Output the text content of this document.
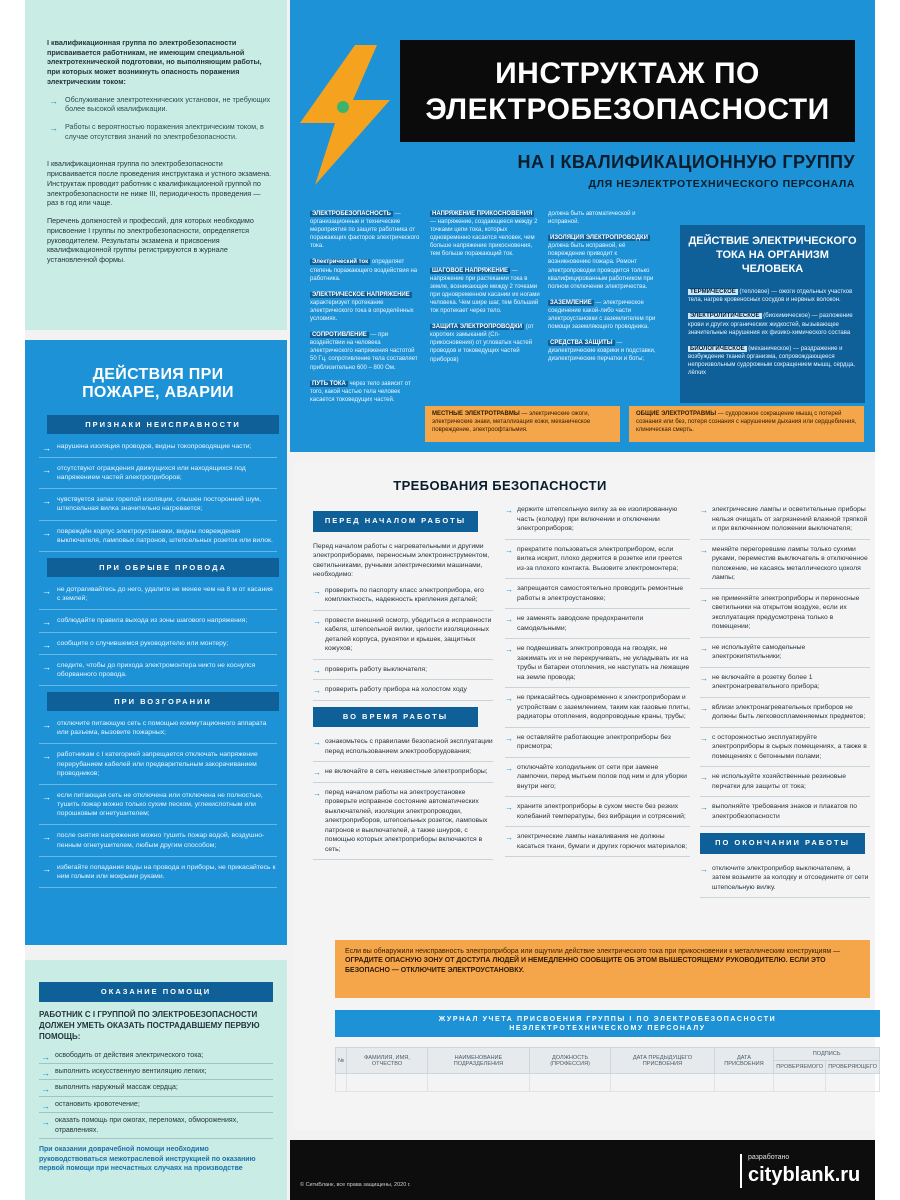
I квалификационная группа по электробезопасности присваивается работникам, не имеющим специальной электротехнической подготовки, но выполняющим работы, при которых может возникнуть опасность поражения электрическим током:
→ Обслуживание электротехнических установок, не требующих более высокой квалификации.
→ Работы с вероятностью поражения электрическим током, в случае отсутствия знаний по электробезопасности.

I квалификационная группа по электробезопасности присваивается после проведения инструктажа и устного экзамена. Инструктаж проводит работник с квалификационной группой по электробезопасности не ниже III, периодичность проведения — раз в год или чаще.

Перечень должностей и профессий, для которых необходимо присвоение I группы по электробезопасности, определяется руководителем. Результаты экзамена и присвоения квалификационной группы регистрируются в журнале установленной формы.

ДЕЙСТВИЯ ПРИ
ПОЖАРЕ, АВАРИИ
ПРИЗНАКИ НЕИСПРАВНОСТИ
→ нарушена изоляция проводов, видны токопроводящие части;
→ отсутствуют ограждения движущихся или находящихся под напряжением частей электроприборов;
→ чувствуется запах горелой изоляции, слышен посторонний шум, штепсельная вилка значительно нагревается;
→ повреждён корпус электроустановки, видны повреждения выключателя, ламповых патронов, штепсельных розеток или вилок.
ПРИ ОБРЫВЕ ПРОВОДА
→ не дотрагивайтесь до него, удалите не менее чем на 8 м от касания с землей;
→ соблюдайте правила выхода из зоны шагового напряжения;
→ сообщите о случившемся руководителю или монтеру;
→ следите, чтобы до прихода электромонтера никто не коснулся оборванного провода.
ПРИ ВОЗГОРАНИИ
→ отключите питающую сеть с помощью коммутационного аппарата или разъема, вызовите пожарных;
→ работникам с I категорией запрещается отключать напряжение перерубанием кабелей или предварительным закорачиванием проводников;
→ если питающая сеть не отключена или отключена не полностью, тушить пожар можно только сухим песком, углекислотным или порошковым огнетушителем;
→ после снятия напряжения можно тушить пожар водой, воздушно-пенным огнетушителем, любым другим способом;
→ избегайте попадания воды на провода и приборы, не прикасайтесь к ним голыми или мокрыми руками.
ОКАЗАНИЕ ПОМОЩИ
РАБОТНИК С I ГРУППОЙ ПО ЭЛЕКТРОБЕЗОПАСНОСТИ ДОЛЖЕН УМЕТЬ ОКАЗАТЬ ПОСТРАДАВШЕМУ ПЕРВУЮ ПОМОЩЬ:
→ освободить от действия электрического тока;
→ выполнить искусственную вентиляцию легких;
→ выполнить наружный массаж сердца;
→ остановить кровотечение;
→ оказать помощь при ожогах, переломах, обморожениях, отравлениях.
При оказании доврачебной помощи необходимо руководствоваться межотраслевой инструкцией по оказанию первой помощи при несчастных случаях на производстве
ИНСТРУКТАЖ ПО
ЭЛЕКТРОБЕЗОПАСНОСТИ
НА I КВАЛИФИКАЦИОННУЮ ГРУППУ
ДЛЯ НЕЭЛЕКТРОТЕХНИЧЕСКОГО ПЕРСОНАЛА

ЭЛЕКТРОБЕЗОПАСНОСТЬ — организационные и технические мероприятия по защите работника от поражающих факторов электрического тока.

Электрический ток определяет степень поражающего воздействия на работника.

ЭЛЕКТРИЧЕСКОЕ НАПРЯЖЕНИЕ характеризует протекание электрического тока в определённых условиях.

СОПРОТИВЛЕНИЕ — при воздействии на человека электрического напряжения частотой 50 Гц, сопротивление тела составляет приблизительно 600 – 800 Ом.

ПУТЬ ТОКА через тело зависит от того, какой частью тела человек касается токоведущих частей.

НАПРЯЖЕНИЕ ПРИКОСНОВЕНИЯ — напряжение, создающееся между 2 точками цепи тока, которых одновременно касается человек, чем больше напряжение прикосновения, тем больше поражающий ток.

ШАГОВОЕ НАПРЯЖЕНИЕ — напряжение при растекании тока в земле, возникающее между 2 точками при одновременном касании их ногами человека. Чем шире шаг, тем больший ток протекает через тело.

ЗАЩИТА ЭЛЕКТРОПРОВОДКИ (от коротких замыканий (Сп-прикосновения) от угловатых частей проводов и токоведущих частей приборов)

должна быть автоматической и исправной.

ИЗОЛЯЦИЯ ЭЛЕКТРОПРОВОДКИ должна быть исправной, её повреждение приводит к возникновению пожара. Ремонт электропроводки проводится только квалифицированным работником при полном отключении электричества.

ЗАЗЕМЛЕНИЕ — электрическое соединение какой-либо части электроустановки с заземлителем при помощи заземляющего проводника.

СРЕДСТВА ЗАЩИТЫ — диэлектрические коврики и подставки, диэлектрические перчатки и боты;

ДЕЙСТВИЕ ЭЛЕКТРИЧЕСКОГО ТОКА НА ОРГАНИЗМ ЧЕЛОВЕКА
ТЕРМИЧЕСКОЕ (тепловое) — ожоги отдельных участков тела, нагрев кровеносных сосудов и нервных волокон.
ЭЛЕКТРОЛИТИЧЕСКОЕ (биохимическое) — разложение крови и других органических жидкостей, вызывающее значительные нарушения их физико-химического состава
БИОЛОГИЧЕСКОЕ (механическое) — раздражение и возбуждение тканей организма, сопровождающееся непроизвольным судорожным сокращением мышц, сердца, лёгких
МЕСТНЫЕ ЭЛЕКТРОТРАВМЫ — электрические ожоги, электрические знаки, металлизация кожи, механическое повреждение, электроофтальмия.
ОБЩИЕ ЭЛЕКТРОТРАВМЫ — судорожное сокращение мышц с потерей сознания или без, потеря сознания с нарушением дыхания или сердцебиения, клиническая смерть.
ТРЕБОВАНИЯ БЕЗОПАСНОСТИ
ПЕРЕД НАЧАЛОМ РАБОТЫ
Перед началом работы с нагревательными и другими электроприборами, переносным электроинструментом, светильниками, ручными электрическими машинами, необходимо:
→ проверить по паспорту класс электроприбора, его комплектность, надежность крепления деталей;
→ провести внешний осмотр, убедиться в исправности кабеля, штепсельной вилки, целости изоляционных деталей корпуса, рукоятки и крышек, защитных кожухов;
→ проверить работу выключателя;
→ проверить работу прибора на холостом ходу
ВО ВРЕМЯ РАБОТЫ
→ ознакомьтесь с правилами безопасной эксплуатации перед использованием электрооборудования;
→ не включайте в сеть неизвестные электроприборы;
→ перед началом работы на электроустановке проверьте исправное состояние автоматических выключателей, изоляции электропроводки, электроприборов, штепсельных розеток, ламповых патронов и выключателей, а также шнуров, с помощью которых электроприборы включаются в сеть;
→ держите штепсельную вилку за ее изолированную часть (колодку) при включении и отключении электроприборов;
→ прекратите пользоваться электроприбором, если вилка искрит, плохо держится в розетке или греется из-за плохого контакта. Вызовите электромонтера;
→ запрещается самостоятельно проводить ремонтные работы в электроустановке;
→ не заменять заводские предохранители самодельными;
→ не подвешивать электропровода на гвоздях, не зажимать их и не перекручивать, не укладывать их на трубы и батареи отопления, не наступать на лежащие на земле провода;
→ не прикасайтесь одновременно к электроприборам и устройствам с заземлением, таким как газовые плиты, радиаторы отопления, водопроводные краны, трубы;
→ не оставляйте работающие электроприборы без присмотра;
→ отключайте холодильник от сети при замене лампочки, перед мытьем полов под ним и для уборки внутри него;
→ храните электроприборы в сухом месте без резких колебаний температуры, без вибрации и сотрясений;
→ электрические лампы накаливания не должны касаться ткани, бумаги и других горючих материалов;
→ электрические лампы и осветительные приборы нельзя очищать от загрязнений влажной тряпкой и при включенном положении выключателя;
→ меняйте перегоревшие лампы только сухими руками, переместив выключатель в отключенное положение, не касаясь металлического цоколя лампы;
→ не применяйте электроприборы и переносные светильники на открытом воздухе, если их эксплуатация предусмотрена только в помещении;
→ не используйте самодельные электрокипятильники;
→ не включайте в розетку более 1 электронагревательного прибора;
→ вблизи электронагревательных приборов не должны быть легковоспламеняемых предметов;
→ с осторожностью эксплуатируйте электроприборы в сырых помещениях, а также в помещениях с бетонными полами;
→ не используйте хозяйственные резиновые перчатки для защиты от тока;
→ выполняйте требования знаков и плакатов по электробезопасности
ПО ОКОНЧАНИИ РАБОТЫ
→ отключите электроприбор выключателем, а затем возьмите за колодку и отсоедините от сети штепсельную вилку.
Если вы обнаружили неисправность электроприбора или ощутили действие электрического тока при прикосновении к металлическим конструкциям — ОГРАДИТЕ ОПАСНУЮ ЗОНУ ОТ ДОСТУПА ЛЮДЕЙ И НЕМЕДЛЕННО СООБЩИТЕ ОБ ЭТОМ ВЫШЕСТОЯЩЕМУ РУКОВОДИТЕЛЮ. ЕСЛИ ЭТО БЕЗОПАСНО — ОТКЛЮЧИТЕ ЭЛЕКТРОУСТАНОВКУ.
ЖУРНАЛ УЧЕТА ПРИСВОЕНИЯ ГРУППЫ I ПО ЭЛЕКТРОБЕЗОПАСНОСТИ
НЕЭЛЕКТРОТЕХНИЧЕСКОМУ ПЕРСОНАЛУ
№	ФАМИЛИЯ, ИМЯ, ОТЧЕСТВО	НАИМЕНОВАНИЕ ПОДРАЗДЕЛЕНИЯ	ДОЛЖНОСТЬ (ПРОФЕССИЯ)	ДАТА ПРЕДЫДУЩЕГО ПРИСВОЕНИЯ	ДАТА ПРИСВОЕНИЯ	ПОДПИСЬ	
						ПРОВЕРЯЕМОГО	ПРОВЕРЯЮЩЕГО

© СитиБланк, все права защищены, 2020 г.
разработано
cityblank.ru
